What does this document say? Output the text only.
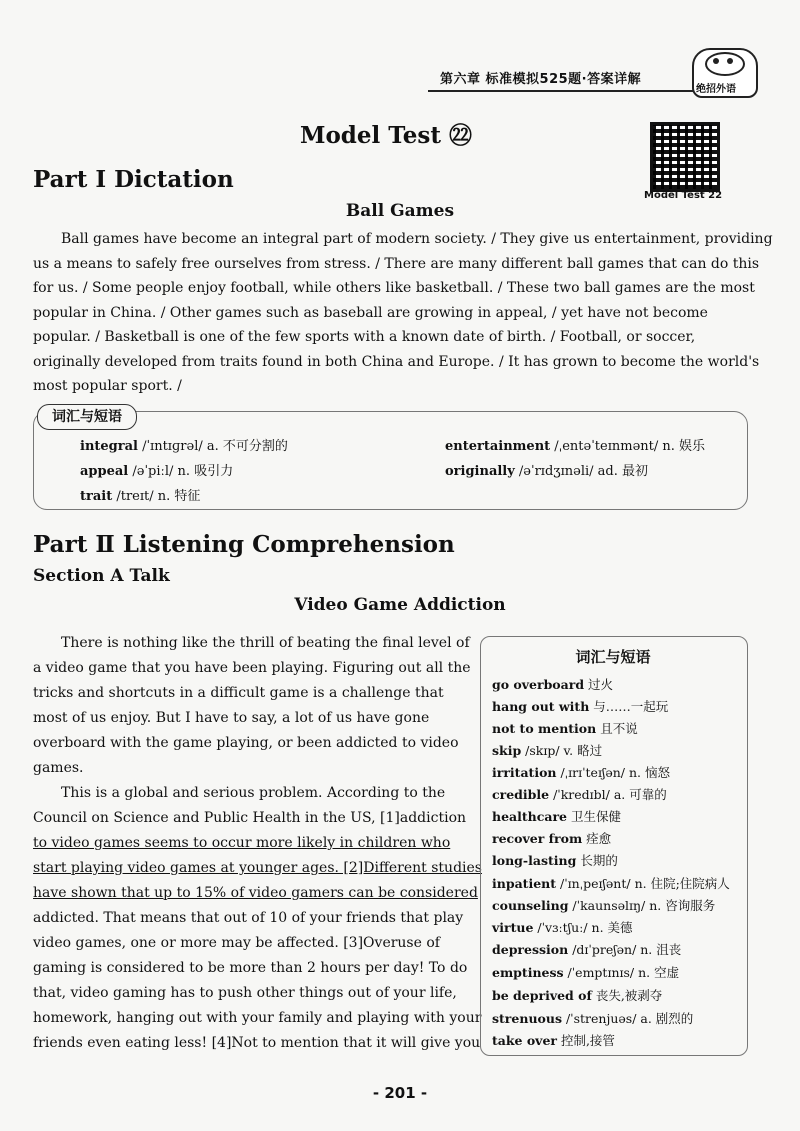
第六章 标准模拟525题·答案详解
绝招外语
Model Test ㉒
Model Test 22
Part Ⅰ Dictation
Ball Games
Ball games have become an integral part of modern society. / They give us entertainment, providing
us a means to safely free ourselves from stress. / There are many different ball games that can do this
for us. / Some people enjoy football, while others like basketball. / These two ball games are the most
popular in China. / Other games such as baseball are growing in appeal, / yet have not become
popular. / Basketball is one of the few sports with a known date of birth. / Football, or soccer,
originally developed from traits found in both China and Europe. / It has grown to become the world's
most popular sport. /
词汇与短语
integral /ˈɪntɪɡrəl/ a. 不可分割的	entertainment /ˌentəˈteɪnmənt/ n. 娱乐
appeal /əˈpiːl/ n. 吸引力	originally /əˈrɪdʒɪnəli/ ad. 最初
trait /treɪt/ n. 特征
Part Ⅱ Listening Comprehension
Section A Talk
Video Game Addiction
There is nothing like the thrill of beating the final level of
a video game that you have been playing. Figuring out all the
tricks and shortcuts in a difficult game is a challenge that
most of us enjoy. But I have to say, a lot of us have gone
overboard with the game playing, or been addicted to video
games.
This is a global and serious problem. According to the
Council on Science and Public Health in the US, [1]addiction
to video games seems to occur more likely in children who
start playing video games at younger ages. [2]Different studies
have shown that up to 15% of video gamers can be considered
addicted. That means that out of 10 of your friends that play
video games, one or more may be affected. [3]Overuse of
gaming is considered to be more than 2 hours per day! To do
that, video gaming has to push other things out of your life,
homework, hanging out with your family and playing with your
friends even eating less! [4]Not to mention that it will give you
词汇与短语
go overboard 过火
hang out with 与……一起玩
not to mention 且不说
skip /skɪp/ v. 略过
irritation /ˌɪrɪˈteɪʃən/ n. 恼怒
credible /ˈkredɪbl/ a. 可靠的
healthcare 卫生保健
recover from 痊愈
long-lasting 长期的
inpatient /ˈɪnˌpeɪʃənt/ n. 住院;住院病人
counseling /ˈkaunsəlɪŋ/ n. 咨询服务
virtue /ˈvɜːtʃuː/ n. 美德
depression /dɪˈpreʃən/ n. 沮丧
emptiness /ˈemptɪnɪs/ n. 空虚
be deprived of 丧失,被剥夺
strenuous /ˈstrenjuəs/ a. 剧烈的
take over 控制,接管
- 201 -
